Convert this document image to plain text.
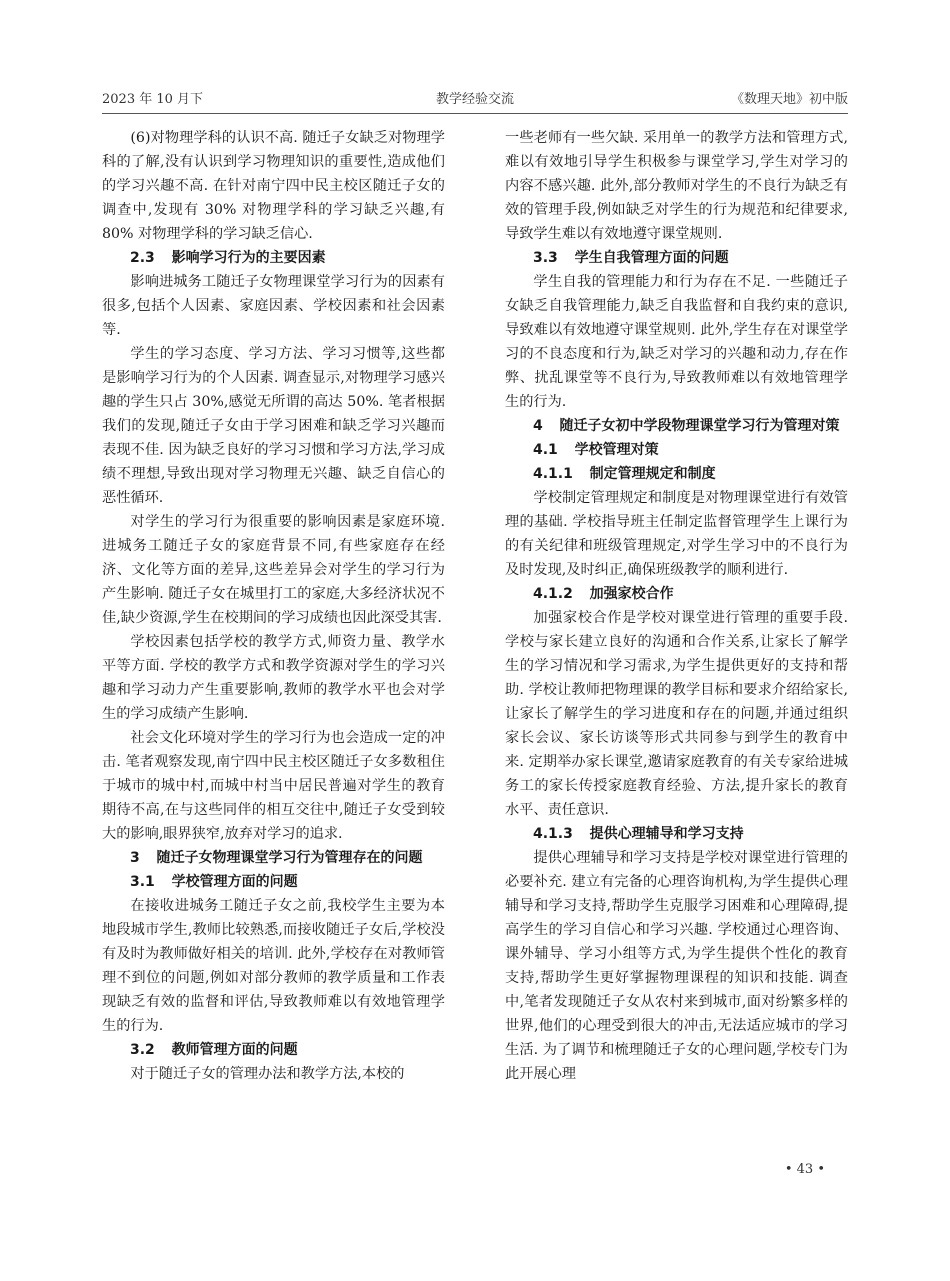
2023 年 10 月下	教学经验交流	《数理天地》初中版

(6)对物理学科的认识不高. 随迁子女缺乏对物理学科的了解,没有认识到学习物理知识的重要性,造成他们的学习兴趣不高. 在针对南宁四中民主校区随迁子女的调查中,发现有 30% 对物理学科的学习缺乏兴趣,有 80% 对物理学科的学习缺乏信心.

2.3 影响学习行为的主要因素

影响进城务工随迁子女物理课堂学习行为的因素有很多,包括个人因素、家庭因素、学校因素和社会因素等.

学生的学习态度、学习方法、学习习惯等,这些都是影响学习行为的个人因素. 调查显示,对物理学习感兴趣的学生只占 30%,感觉无所谓的高达 50%. 笔者根据我们的发现,随迁子女由于学习困难和缺乏学习兴趣而表现不佳. 因为缺乏良好的学习习惯和学习方法,学习成绩不理想,导致出现对学习物理无兴趣、缺乏自信心的恶性循环.

对学生的学习行为很重要的影响因素是家庭环境. 进城务工随迁子女的家庭背景不同,有些家庭存在经济、文化等方面的差异,这些差异会对学生的学习行为产生影响. 随迁子女在城里打工的家庭,大多经济状况不佳,缺少资源,学生在校期间的学习成绩也因此深受其害.

学校因素包括学校的教学方式,师资力量、教学水平等方面. 学校的教学方式和教学资源对学生的学习兴趣和学习动力产生重要影响,教师的教学水平也会对学生的学习成绩产生影响.

社会文化环境对学生的学习行为也会造成一定的冲击. 笔者观察发现,南宁四中民主校区随迁子女多数租住于城市的城中村,而城中村当中居民普遍对学生的教育期待不高,在与这些同伴的相互交往中,随迁子女受到较大的影响,眼界狭窄,放弃对学习的追求.

3 随迁子女物理课堂学习行为管理存在的问题
3.1 学校管理方面的问题

在接收进城务工随迁子女之前,我校学生主要为本地段城市学生,教师比较熟悉,而接收随迁子女后,学校没有及时为教师做好相关的培训. 此外,学校存在对教师管理不到位的问题,例如对部分教师的教学质量和工作表现缺乏有效的监督和评估,导致教师难以有效地管理学生的行为.

3.2 教师管理方面的问题

对于随迁子女的管理办法和教学方法,本校的

一些老师有一些欠缺. 采用单一的教学方法和管理方式,难以有效地引导学生积极参与课堂学习,学生对学习的内容不感兴趣. 此外,部分教师对学生的不良行为缺乏有效的管理手段,例如缺乏对学生的行为规范和纪律要求,导致学生难以有效地遵守课堂规则.

3.3 学生自我管理方面的问题

学生自我的管理能力和行为存在不足. 一些随迁子女缺乏自我管理能力,缺乏自我监督和自我约束的意识,导致难以有效地遵守课堂规则. 此外,学生存在对课堂学习的不良态度和行为,缺乏对学习的兴趣和动力,存在作弊、扰乱课堂等不良行为,导致教师难以有效地管理学生的行为.

4 随迁子女初中学段物理课堂学习行为管理对策
4.1 学校管理对策
4.1.1 制定管理规定和制度

学校制定管理规定和制度是对物理课堂进行有效管理的基础. 学校指导班主任制定监督管理学生上课行为的有关纪律和班级管理规定,对学生学习中的不良行为及时发现,及时纠正,确保班级教学的顺利进行.

4.1.2 加强家校合作

加强家校合作是学校对课堂进行管理的重要手段. 学校与家长建立良好的沟通和合作关系,让家长了解学生的学习情况和学习需求,为学生提供更好的支持和帮助. 学校让教师把物理课的教学目标和要求介绍给家长,让家长了解学生的学习进度和存在的问题,并通过组织家长会议、家长访谈等形式共同参与到学生的教育中来. 定期举办家长课堂,邀请家庭教育的有关专家给进城务工的家长传授家庭教育经验、方法,提升家长的教育水平、责任意识.

4.1.3 提供心理辅导和学习支持

提供心理辅导和学习支持是学校对课堂进行管理的必要补充. 建立有完备的心理咨询机构,为学生提供心理辅导和学习支持,帮助学生克服学习困难和心理障碍,提高学生的学习自信心和学习兴趣. 学校通过心理咨询、课外辅导、学习小组等方式,为学生提供个性化的教育支持,帮助学生更好掌握物理课程的知识和技能. 调查中,笔者发现随迁子女从农村来到城市,面对纷繁多样的世界,他们的心理受到很大的冲击,无法适应城市的学习生活. 为了调节和梳理随迁子女的心理问题,学校专门为此开展心理

• 43 •
